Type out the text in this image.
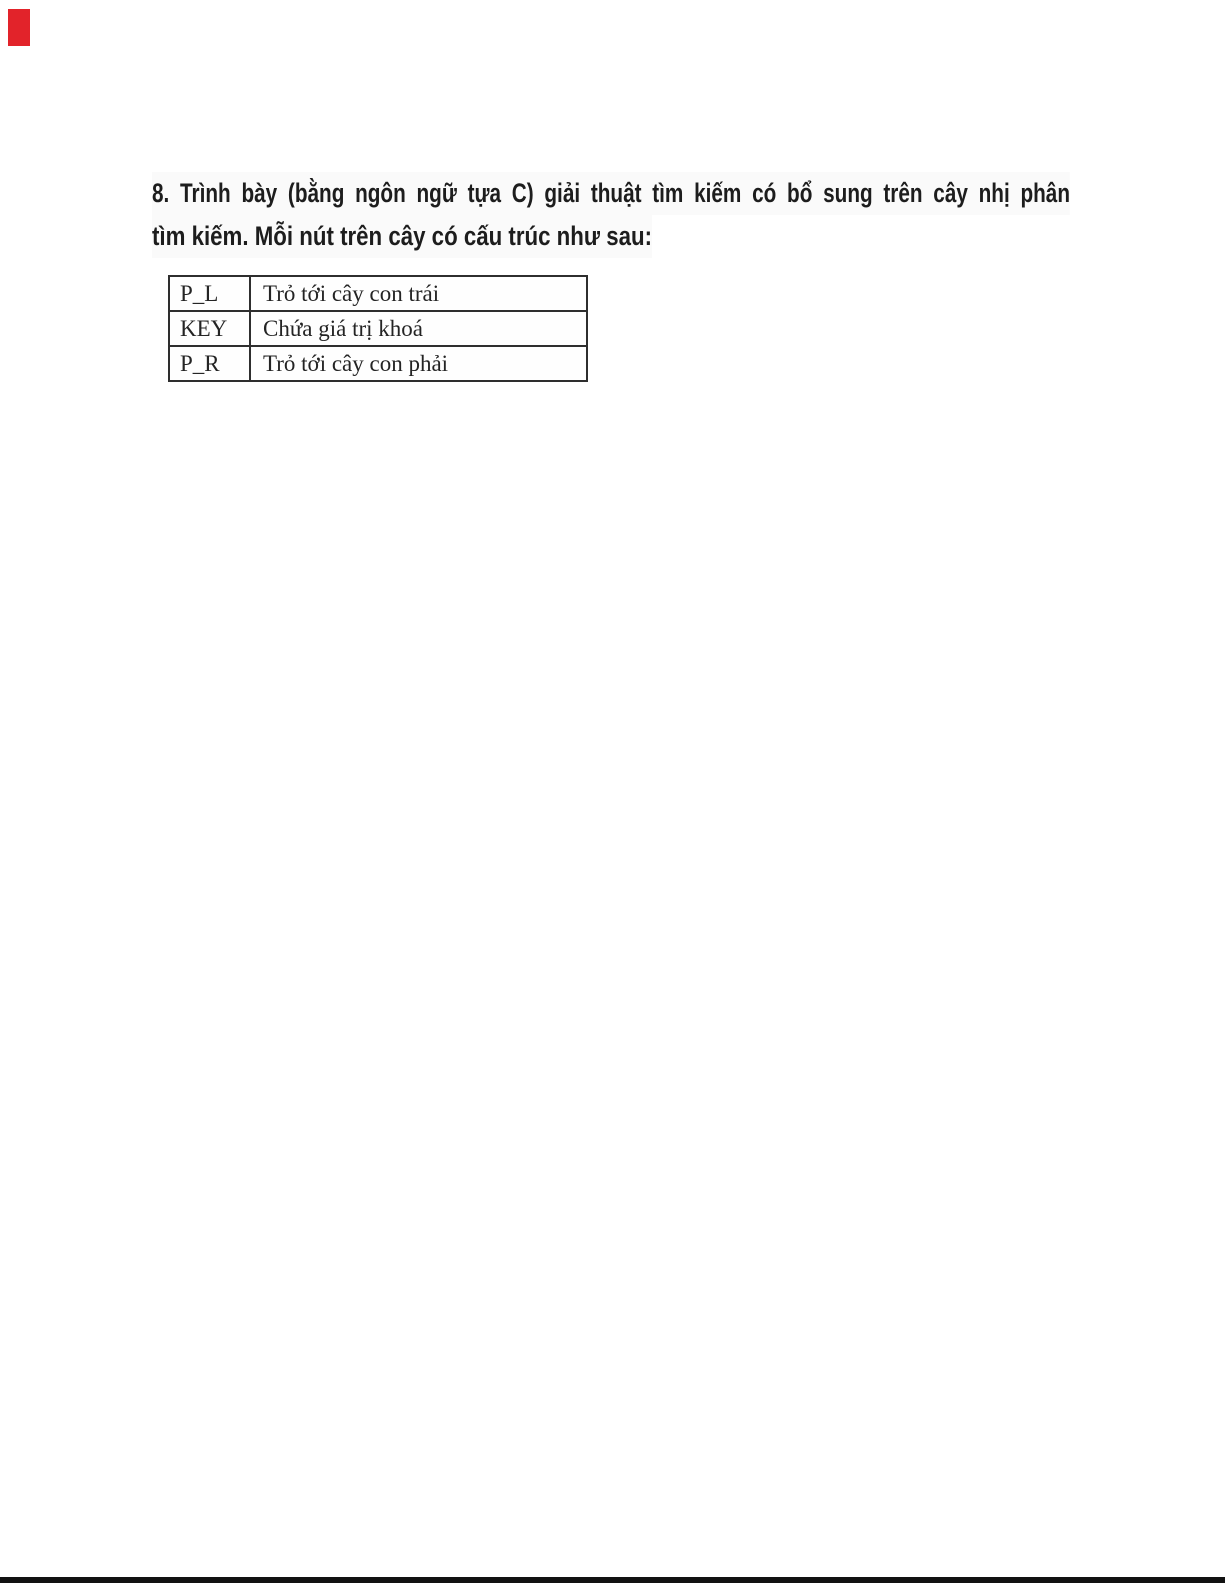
8. Trình bày (bằng ngôn ngữ tựa C) giải thuật tìm kiếm có bổ sung trên cây nhị phân
tìm kiếm. Mỗi nút trên cây có cấu trúc như sau:
P_L	Trỏ tới cây con trái
KEY	Chứa giá trị khoá
P_R	Trỏ tới cây con phải
